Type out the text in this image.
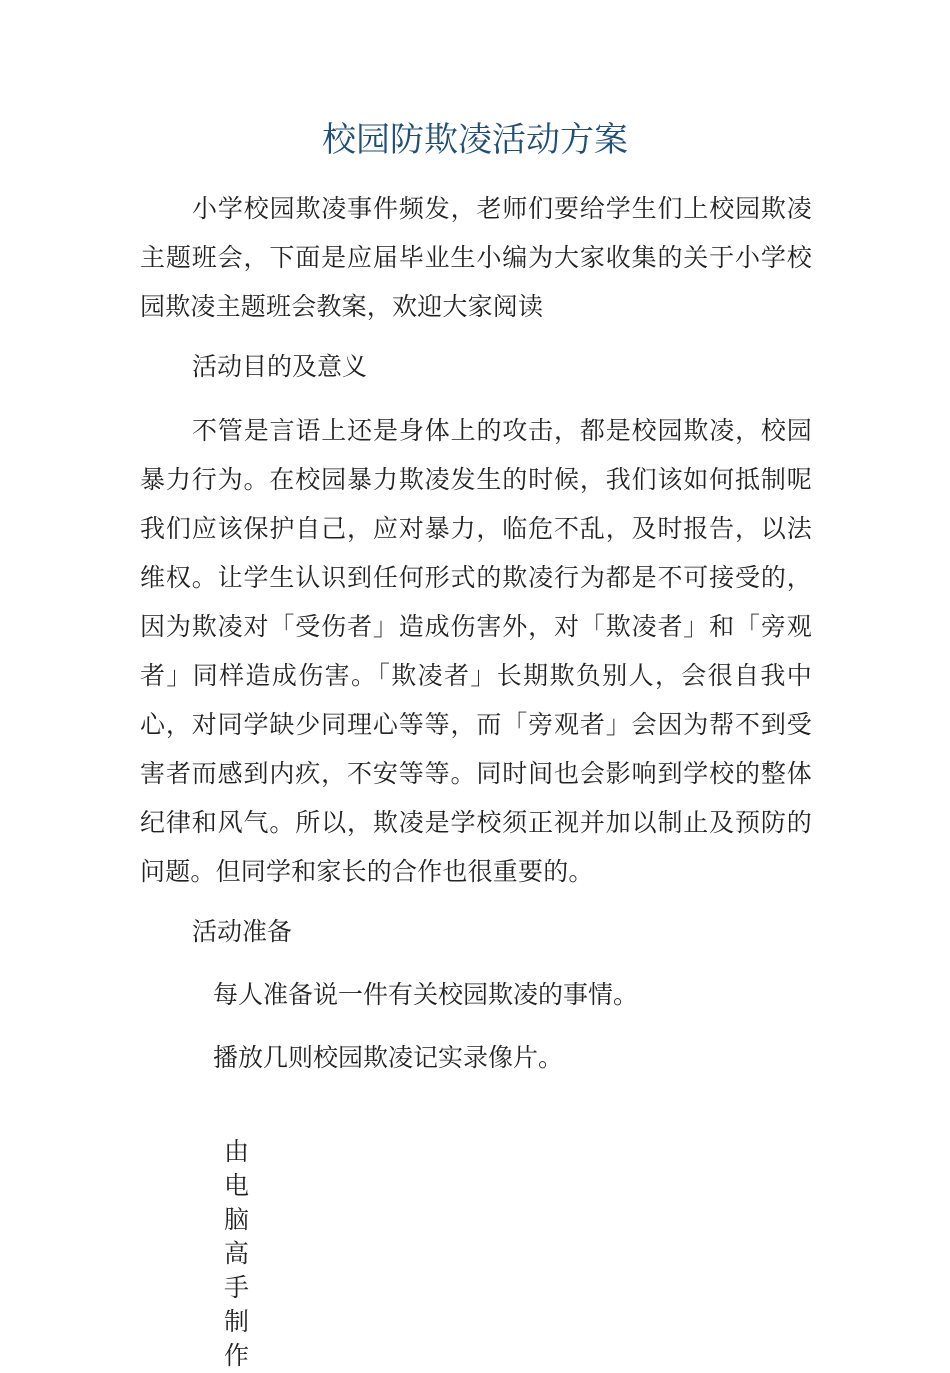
校园防欺凌活动方案

小学校园欺凌事件频发，老师们要给学生们上校园欺凌主题班会，下面是应届毕业生小编为大家收集的关于小学校园欺凌主题班会教案，欢迎大家阅读

活动目的及意义

不管是言语上还是身体上的攻击，都是校园欺凌，校园暴力行为。在校园暴力欺凌发生的时候，我们该如何抵制呢我们应该保护自己，应对暴力，临危不乱，及时报告，以法维权。让学生认识到任何形式的欺凌行为都是不可接受的，因为欺凌对「受伤者」造成伤害外，对「欺凌者」和「旁观者」同样造成伤害。「欺凌者」长期欺负别人，会很自我中心，对同学缺少同理心等等，而「旁观者」会因为帮不到受害者而感到内疚，不安等等。同时间也会影响到学校的整体纪律和风气。所以，欺凌是学校须正视并加以制止及预防的问题。但同学和家长的合作也很重要的。

活动准备

每人准备说一件有关校园欺凌的事情。

播放几则校园欺凌记实录像片。

由电脑高手制作
